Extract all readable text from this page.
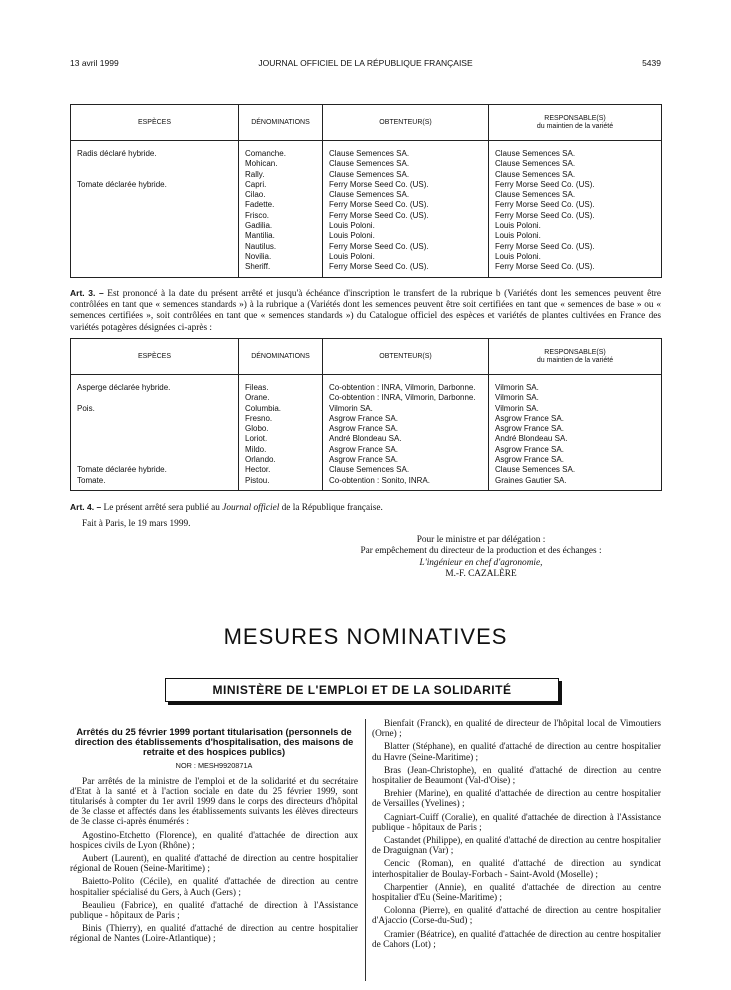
13 avril 1999	JOURNAL OFFICIEL DE LA RÉPUBLIQUE FRANÇAISE	5439
ESPÈCES	DÉNOMINATIONS	OBTENTEUR(S)	RESPONSABLE(S)
du maintien de la variété
Radis déclaré hybride.	Comanche.	Clause Semences SA.	Clause Semences SA.
	Mohican.	Clause Semences SA.	Clause Semences SA.
	Rally.	Clause Semences SA.	Clause Semences SA.
Tomate déclarée hybride.	Capri.	Ferry Morse Seed Co. (US).	Ferry Morse Seed Co. (US).
	Cilao.	Clause Semences SA.	Clause Semences SA.
	Fadette.	Ferry Morse Seed Co. (US).	Ferry Morse Seed Co. (US).
	Frisco.	Ferry Morse Seed Co. (US).	Ferry Morse Seed Co. (US).
	Gadilia.	Louis Poloni.	Louis Poloni.
	Mantilia.	Louis Poloni.	Louis Poloni.
	Nautilus.	Ferry Morse Seed Co. (US).	Ferry Morse Seed Co. (US).
	Novilia.	Louis Poloni.	Louis Poloni.
	Sheriff.	Ferry Morse Seed Co. (US).	Ferry Morse Seed Co. (US).
Art. 3. – Est prononcé à la date du présent arrêté et jusqu'à échéance d'inscription le transfert de la rubrique b (Variétés dont les semences peuvent être contrôlées en tant que « semences standards ») à la rubrique a (Variétés dont les semences peuvent être soit certifiées en tant que « semences de base » ou « semences certifiées », soit contrôlées en tant que « semences standards ») du Catalogue officiel des espèces et variétés de plantes cultivées en France des variétés potagères désignées ci-après :
ESPÈCES	DÉNOMINATIONS	OBTENTEUR(S)	RESPONSABLE(S)
du maintien de la variété
Asperge déclarée hybride.	Fileas.	Co-obtention : INRA, Vilmorin, Darbonne.	Vilmorin SA.
	Orane.	Co-obtention : INRA, Vilmorin, Darbonne.	Vilmorin SA.
Pois.	Columbia.	Vilmorin SA.	Vilmorin SA.
	Fresno.	Asgrow France SA.	Asgrow France SA.
	Globo.	Asgrow France SA.	Asgrow France SA.
	Loriot.	André Blondeau SA.	André Blondeau SA.
	Mildo.	Asgrow France SA.	Asgrow France SA.
	Orlando.	Asgrow France SA.	Asgrow France SA.
Tomate déclarée hybride.	Hector.	Clause Semences SA.	Clause Semences SA.
Tomate.	Pistou.	Co-obtention : Sonito, INRA.	Graines Gautier SA.
Art. 4. – Le présent arrêté sera publié au Journal officiel de la République française.
Fait à Paris, le 19 mars 1999.
Pour le ministre et par délégation :
Par empêchement du directeur de la production et des échanges :
L'ingénieur en chef d'agronomie,
M.-F. CAZALÈRE
MESURES NOMINATIVES
MINISTÈRE DE L'EMPLOI ET DE LA SOLIDARITÉ
Arrêtés du 25 février 1999 portant titularisation (personnels de direction des établissements d'hospitalisation, des maisons de retraite et des hospices publics)
NOR : MESH9920871A
Par arrêtés de la ministre de l'emploi et de la solidarité et du secrétaire d'Etat à la santé et à l'action sociale en date du 25 février 1999, sont titularisés à compter du 1er avril 1999 dans le corps des directeurs d'hôpital de 3e classe et affectés dans les établissements suivants les élèves directeurs de 3e classe ci-après énumérés :
Agostino-Etchetto (Florence), en qualité d'attachée de direction aux hospices civils de Lyon (Rhône) ;
Aubert (Laurent), en qualité d'attaché de direction au centre hospitalier régional de Rouen (Seine-Maritime) ;
Baietto-Polito (Cécile), en qualité d'attachée de direction au centre hospitalier spécialisé du Gers, à Auch (Gers) ;
Beaulieu (Fabrice), en qualité d'attaché de direction à l'Assistance publique - hôpitaux de Paris ;
Binis (Thierry), en qualité d'attaché de direction au centre hospitalier régional de Nantes (Loire-Atlantique) ;
Bienfait (Franck), en qualité de directeur de l'hôpital local de Vimoutiers (Orne) ;
Blatter (Stéphane), en qualité d'attaché de direction au centre hospitalier du Havre (Seine-Maritime) ;
Bras (Jean-Christophe), en qualité d'attaché de direction au centre hospitalier de Beaumont (Val-d'Oise) ;
Brehier (Marine), en qualité d'attachée de direction au centre hospitalier de Versailles (Yvelines) ;
Cagniart-Cuiff (Coralie), en qualité d'attachée de direction à l'Assistance publique - hôpitaux de Paris ;
Castandet (Philippe), en qualité d'attaché de direction au centre hospitalier de Draguignan (Var) ;
Cencic (Roman), en qualité d'attaché de direction au syndicat interhospitalier de Boulay-Forbach - Saint-Avold (Moselle) ;
Charpentier (Annie), en qualité d'attachée de direction au centre hospitalier d'Eu (Seine-Maritime) ;
Colonna (Pierre), en qualité d'attaché de direction au centre hospitalier d'Ajaccio (Corse-du-Sud) ;
Cramier (Béatrice), en qualité d'attachée de direction au centre hospitalier de Cahors (Lot) ;
